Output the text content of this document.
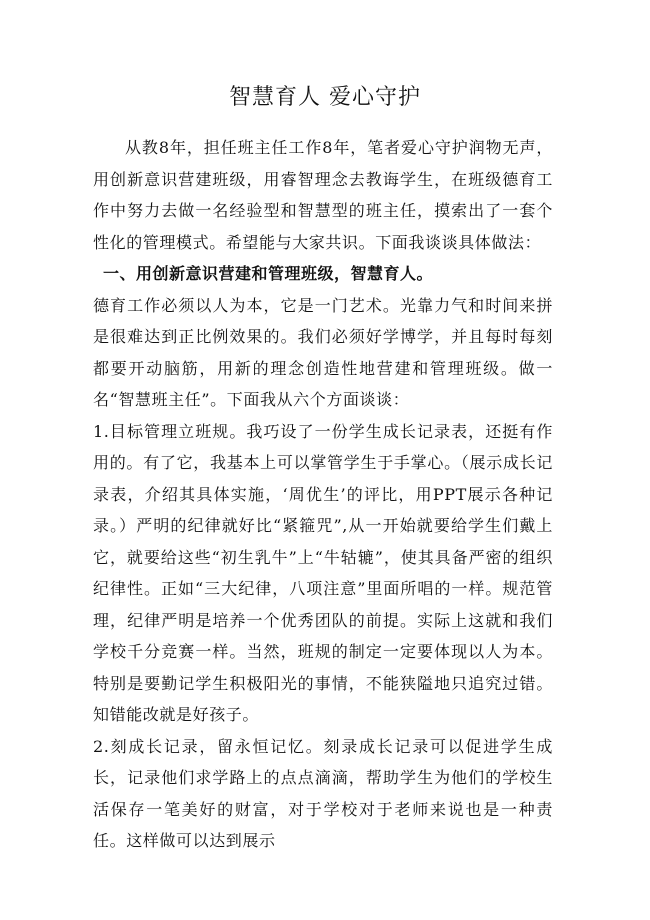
智慧育人 爱心守护

从教8年，担任班主任工作8年，笔者爱心守护润物无声，用创新意识营建班级，用睿智理念去教诲学生，在班级德育工作中努力去做一名经验型和智慧型的班主任，摸索出了一套个性化的管理模式。希望能与大家共识。下面我谈谈具体做法：

一、用创新意识营建和管理班级，智慧育人。

德育工作必须以人为本，它是一门艺术。光靠力气和时间来拼是很难达到正比例效果的。我们必须好学博学，并且每时每刻都要开动脑筋，用新的理念创造性地营建和管理班级。做一名“智慧班主任”。下面我从六个方面谈谈：

1.目标管理立班规。我巧设了一份学生成长记录表，还挺有作用的。有了它，我基本上可以掌管学生于手掌心。（展示成长记录表，介绍其具体实施，‘周优生’的评比，用PPT展示各种记录。）严明的纪律就好比“紧箍咒”,从一开始就要给学生们戴上它，就要给这些“初生乳牛”上“牛轱辘”，使其具备严密的组织纪律性。正如“三大纪律，八项注意”里面所唱的一样。规范管理，纪律严明是培养一个优秀团队的前提。实际上这就和我们学校千分竞赛一样。当然，班规的制定一定要体现以人为本。特别是要勤记学生积极阳光的事情，不能狭隘地只追究过错。知错能改就是好孩子。

2.刻成长记录，留永恒记忆。刻录成长记录可以促进学生成长，记录他们求学路上的点点滴滴，帮助学生为他们的学校生活保存一笔美好的财富，对于学校对于老师来说也是一种责任。这样做可以达到展示
